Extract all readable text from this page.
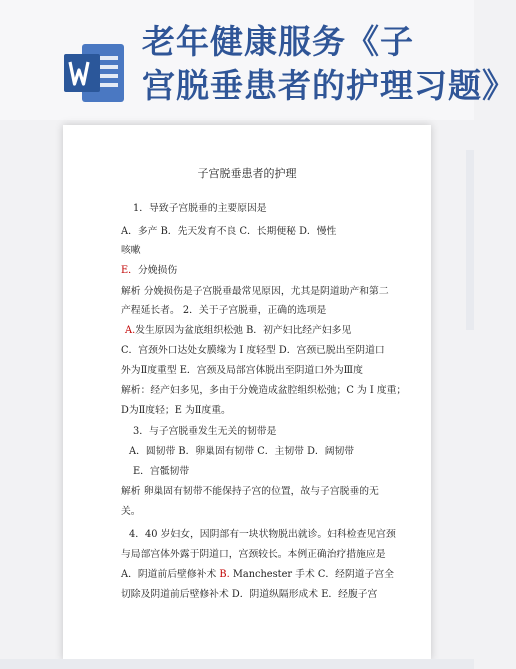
老年健康服务《子
宫脱垂患者的护理习题》
子宫脱垂患者的护理
1．导致子宫脱垂的主要原因是
A．多产 B．先天发育不良 C．长期便秘 D．慢性
咳嗽
E．分娩损伤
解析 分娩损伤是子宫脱垂最常见原因，尤其是阴道助产和第二
产程延长者。 2．关于子宫脱垂，正确的选项是
A.发生原因为盆底组织松弛 B．初产妇比经产妇多见
C．宫颈外口达处女膜缘为 I 度轻型 D．宫颈已脱出至阴道口
外为Ⅱ度重型 E．宫颈及局部宫体脱出至阴道口外为Ⅲ度
解析：经产妇多见，多由于分娩造成盆腔组织松弛；C 为 I 度重；
D为Ⅱ度轻；E 为Ⅱ度重。
3．与子宫脱垂发生无关的韧带是
A．圆韧带 B．卵巢固有韧带 C．主韧带 D．阔韧带
E．宫骶韧带
解析 卵巢固有韧带不能保持子宫的位置，故与子宫脱垂的无
关。
4．40 岁妇女，因阴部有一块状物脱出就诊。妇科检查见宫颈
与局部宫体外露于阴道口，宫颈较长。本例正确治疗措施应是
A．阴道前后壁修补术 B. Manchester 手术 C．经阴道子宫全
切除及阴道前后壁修补术 D．阴道纵隔形成术 E．经腹子宫
